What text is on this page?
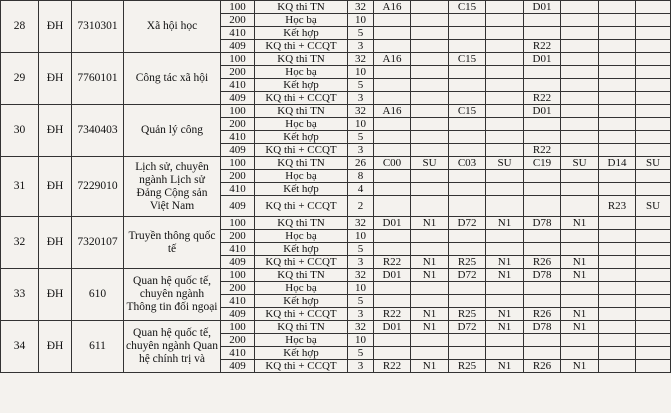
28	ĐH	7310301	Xã hội học	100	KQ thi TN	32	A16		C15		D01			
				200	Học bạ	10								
				410	Kết hợp	5								
				409	KQ thi + CCQT	3					R22			
29	ĐH	7760101	Công tác xã hội	100	KQ thi TN	32	A16		C15		D01			
				200	Học bạ	10								
				410	Kết hợp	5								
				409	KQ thi + CCQT	3					R22			
30	ĐH	7340403	Quản lý công	100	KQ thi TN	32	A16		C15		D01			
				200	Học bạ	10								
				410	Kết hợp	5								
				409	KQ thi + CCQT	3					R22			
31	ĐH	7229010	Lịch sử, chuyên ngành Lịch sử Đảng Cộng sản Việt Nam	100	KQ thi TN	26	C00	SU	C03	SU	C19	SU	D14	SU
				200	Học bạ	8								
				410	Kết hợp	4								
				409	KQ thi + CCQT	2							R23	SU
32	ĐH	7320107	Truyền thông quốc tế	100	KQ thi TN	32	D01	N1	D72	N1	D78	N1		
				200	Học bạ	10								
				410	Kết hợp	5								
				409	KQ thi + CCQT	3	R22	N1	R25	N1	R26	N1		
33	ĐH	610	Quan hệ quốc tế, chuyên ngành Thông tin đối ngoại	100	KQ thi TN	32	D01	N1	D72	N1	D78	N1		
				200	Học bạ	10								
				410	Kết hợp	5								
				409	KQ thi + CCQT	3	R22	N1	R25	N1	R26	N1		
34	ĐH	611	Quan hệ quốc tế, chuyên ngành Quan hệ chính trị và	100	KQ thi TN	32	D01	N1	D72	N1	D78	N1		
				200	Học bạ	10								
				410	Kết hợp	5								
				409	KQ thi + CCQT	3	R22	N1	R25	N1	R26	N1		
